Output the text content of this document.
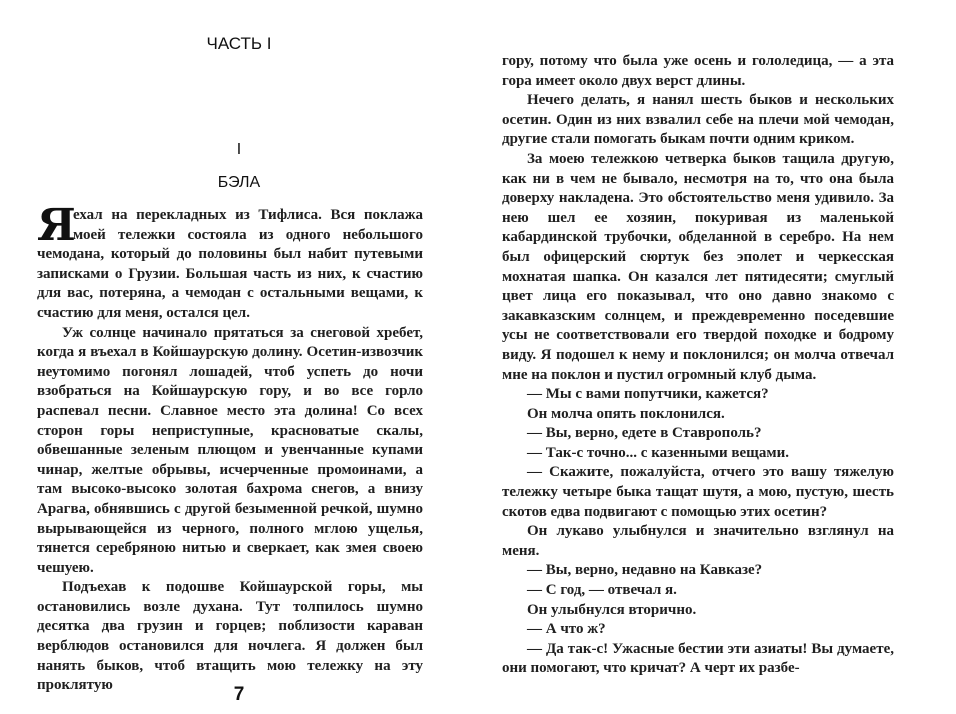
ЧАСТЬ I
I
БЭЛА
Я
ехал на перекладных из Тифлиса. Вся поклажа моей тележки состояла из одного небольшого чемодана, который до половины был набит путевыми записками о Грузии. Большая часть из них, к счастию для вас, потеряна, а чемодан с остальными вещами, к счастию для меня, остался цел.

Уж солнце начинало прятаться за снеговой хребет, когда я въехал в Койшаурскую долину. Осетин-извозчик неутомимо погонял лошадей, чтоб успеть до ночи взобраться на Койшаурскую гору, и во все горло распевал песни. Славное место эта долина! Со всех сторон горы неприступные, красноватые скалы, обвешанные зеленым плющом и увенчанные купами чинар, желтые обрывы, исчерченные промоинами, а там высоко-высоко золотая бахрома снегов, а внизу Арагва, обнявшись с другой безыменной речкой, шумно вырывающейся из черного, полного мглою ущелья, тянется серебряною нитью и сверкает, как змея своею чешуею.

Подъехав к подошве Койшаурской горы, мы остановились возле духана. Тут толпилось шумно десятка два грузин и горцев; поблизости караван верблюдов остановился для ночлега. Я должен был нанять быков, чтоб втащить мою тележку на эту проклятую	7

гору, потому что была уже осень и гололедица, — а эта гора имеет около двух верст длины.

Нечего делать, я нанял шесть быков и нескольких осетин. Один из них взвалил себе на плечи мой чемодан, другие стали помогать быкам почти одним криком.

За моею тележкою четверка быков тащила другую, как ни в чем не бывало, несмотря на то, что она была доверху накладена. Это обстоятельство меня удивило. За нею шел ее хозяин, покуривая из маленькой кабардинской трубочки, обделанной в серебро. На нем был офицерский сюртук без эполет и черкесская мохнатая шапка. Он казался лет пятидесяти; смуглый цвет лица его показывал, что оно давно знакомо с закавказским солнцем, и преждевременно поседевшие усы не соответствовали его твердой походке и бодрому виду. Я подошел к нему и поклонился; он молча отвечал мне на поклон и пустил огромный клуб дыма.

— Мы с вами попутчики, кажется?

Он молча опять поклонился.

— Вы, верно, едете в Ставрополь?

— Так-с точно... с казенными вещами.

— Скажите, пожалуйста, отчего это вашу тяжелую тележку четыре быка тащат шутя, а мою, пустую, шесть скотов едва подвигают с помощью этих осетин?

Он лукаво улыбнулся и значительно взглянул на меня.

— Вы, верно, недавно на Кавказе?

— С год, — отвечал я.

Он улыбнулся вторично.

— А что ж?

— Да так-с! Ужасные бестии эти азиаты! Вы думаете, они помогают, что кричат? А черт их разбе-
